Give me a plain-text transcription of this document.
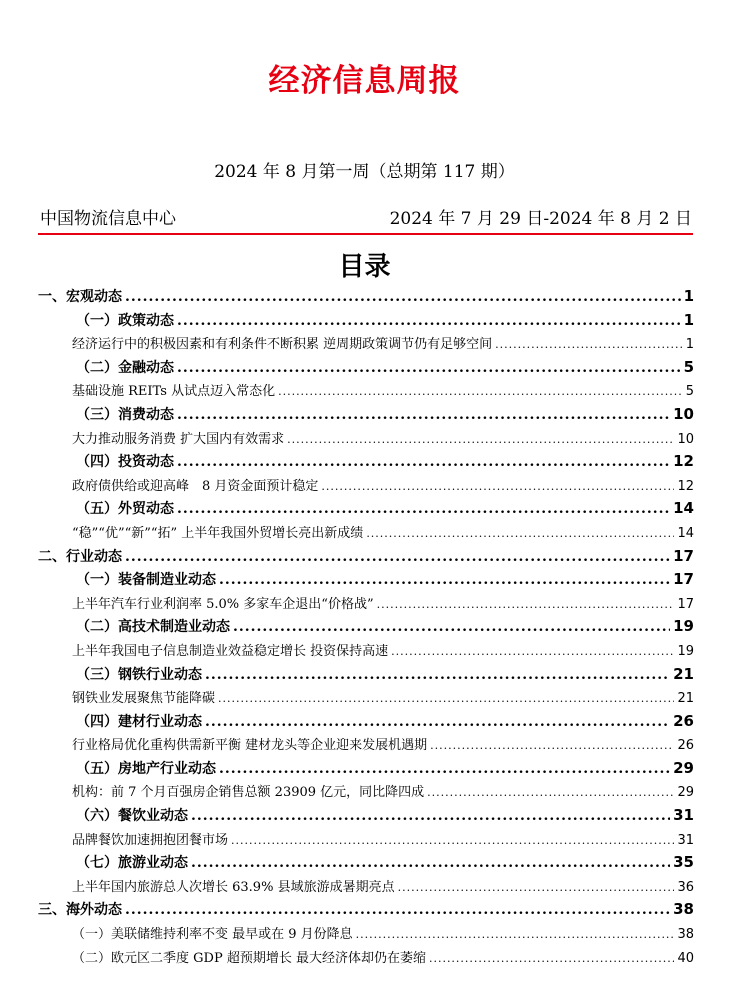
经济信息周报
2024 年 8 月第一周（总期第 117 期）
中国物流信息中心	2024 年 7 月 29 日-2024 年 8 月 2 日
目录
一、宏观动态 .....	1
（一）政策动态 .....	1
经济运行中的积极因素和有利条件不断积累 逆周期政策调节仍有足够空间 .....	1
（二）金融动态 .....	5
基础设施 REITs 从试点迈入常态化 .....	5
（三）消费动态 .....	10
大力推动服务消费 扩大国内有效需求 .....	10
（四）投资动态 .....	12
政府债供给或迎高峰　8 月资金面预计稳定 .....	12
（五）外贸动态 .....	14
“稳”“优”“新”“拓” 上半年我国外贸增长亮出新成绩 .....	14
二、行业动态 .....	17
（一）装备制造业动态 .....	17
上半年汽车行业利润率 5.0% 多家车企退出“价格战” .....	17
（二）高技术制造业动态 .....	19
上半年我国电子信息制造业效益稳定增长 投资保持高速 .....	19
（三）钢铁行业动态 .....	21
钢铁业发展聚焦节能降碳 .....	21
（四）建材行业动态 .....	26
行业格局优化重构供需新平衡 建材龙头等企业迎来发展机遇期 .....	26
（五）房地产行业动态 .....	29
机构：前 7 个月百强房企销售总额 23909 亿元，同比降四成 .....	29
（六）餐饮业动态 .....	31
品牌餐饮加速拥抱团餐市场 .....	31
（七）旅游业动态 .....	35
上半年国内旅游总人次增长 63.9% 县域旅游成暑期亮点 .....	36
三、海外动态 .....	38
（一）美联储维持利率不变 最早或在 9 月份降息 .....	38
（二）欧元区二季度 GDP 超预期增长 最大经济体却仍在萎缩 .....	40
